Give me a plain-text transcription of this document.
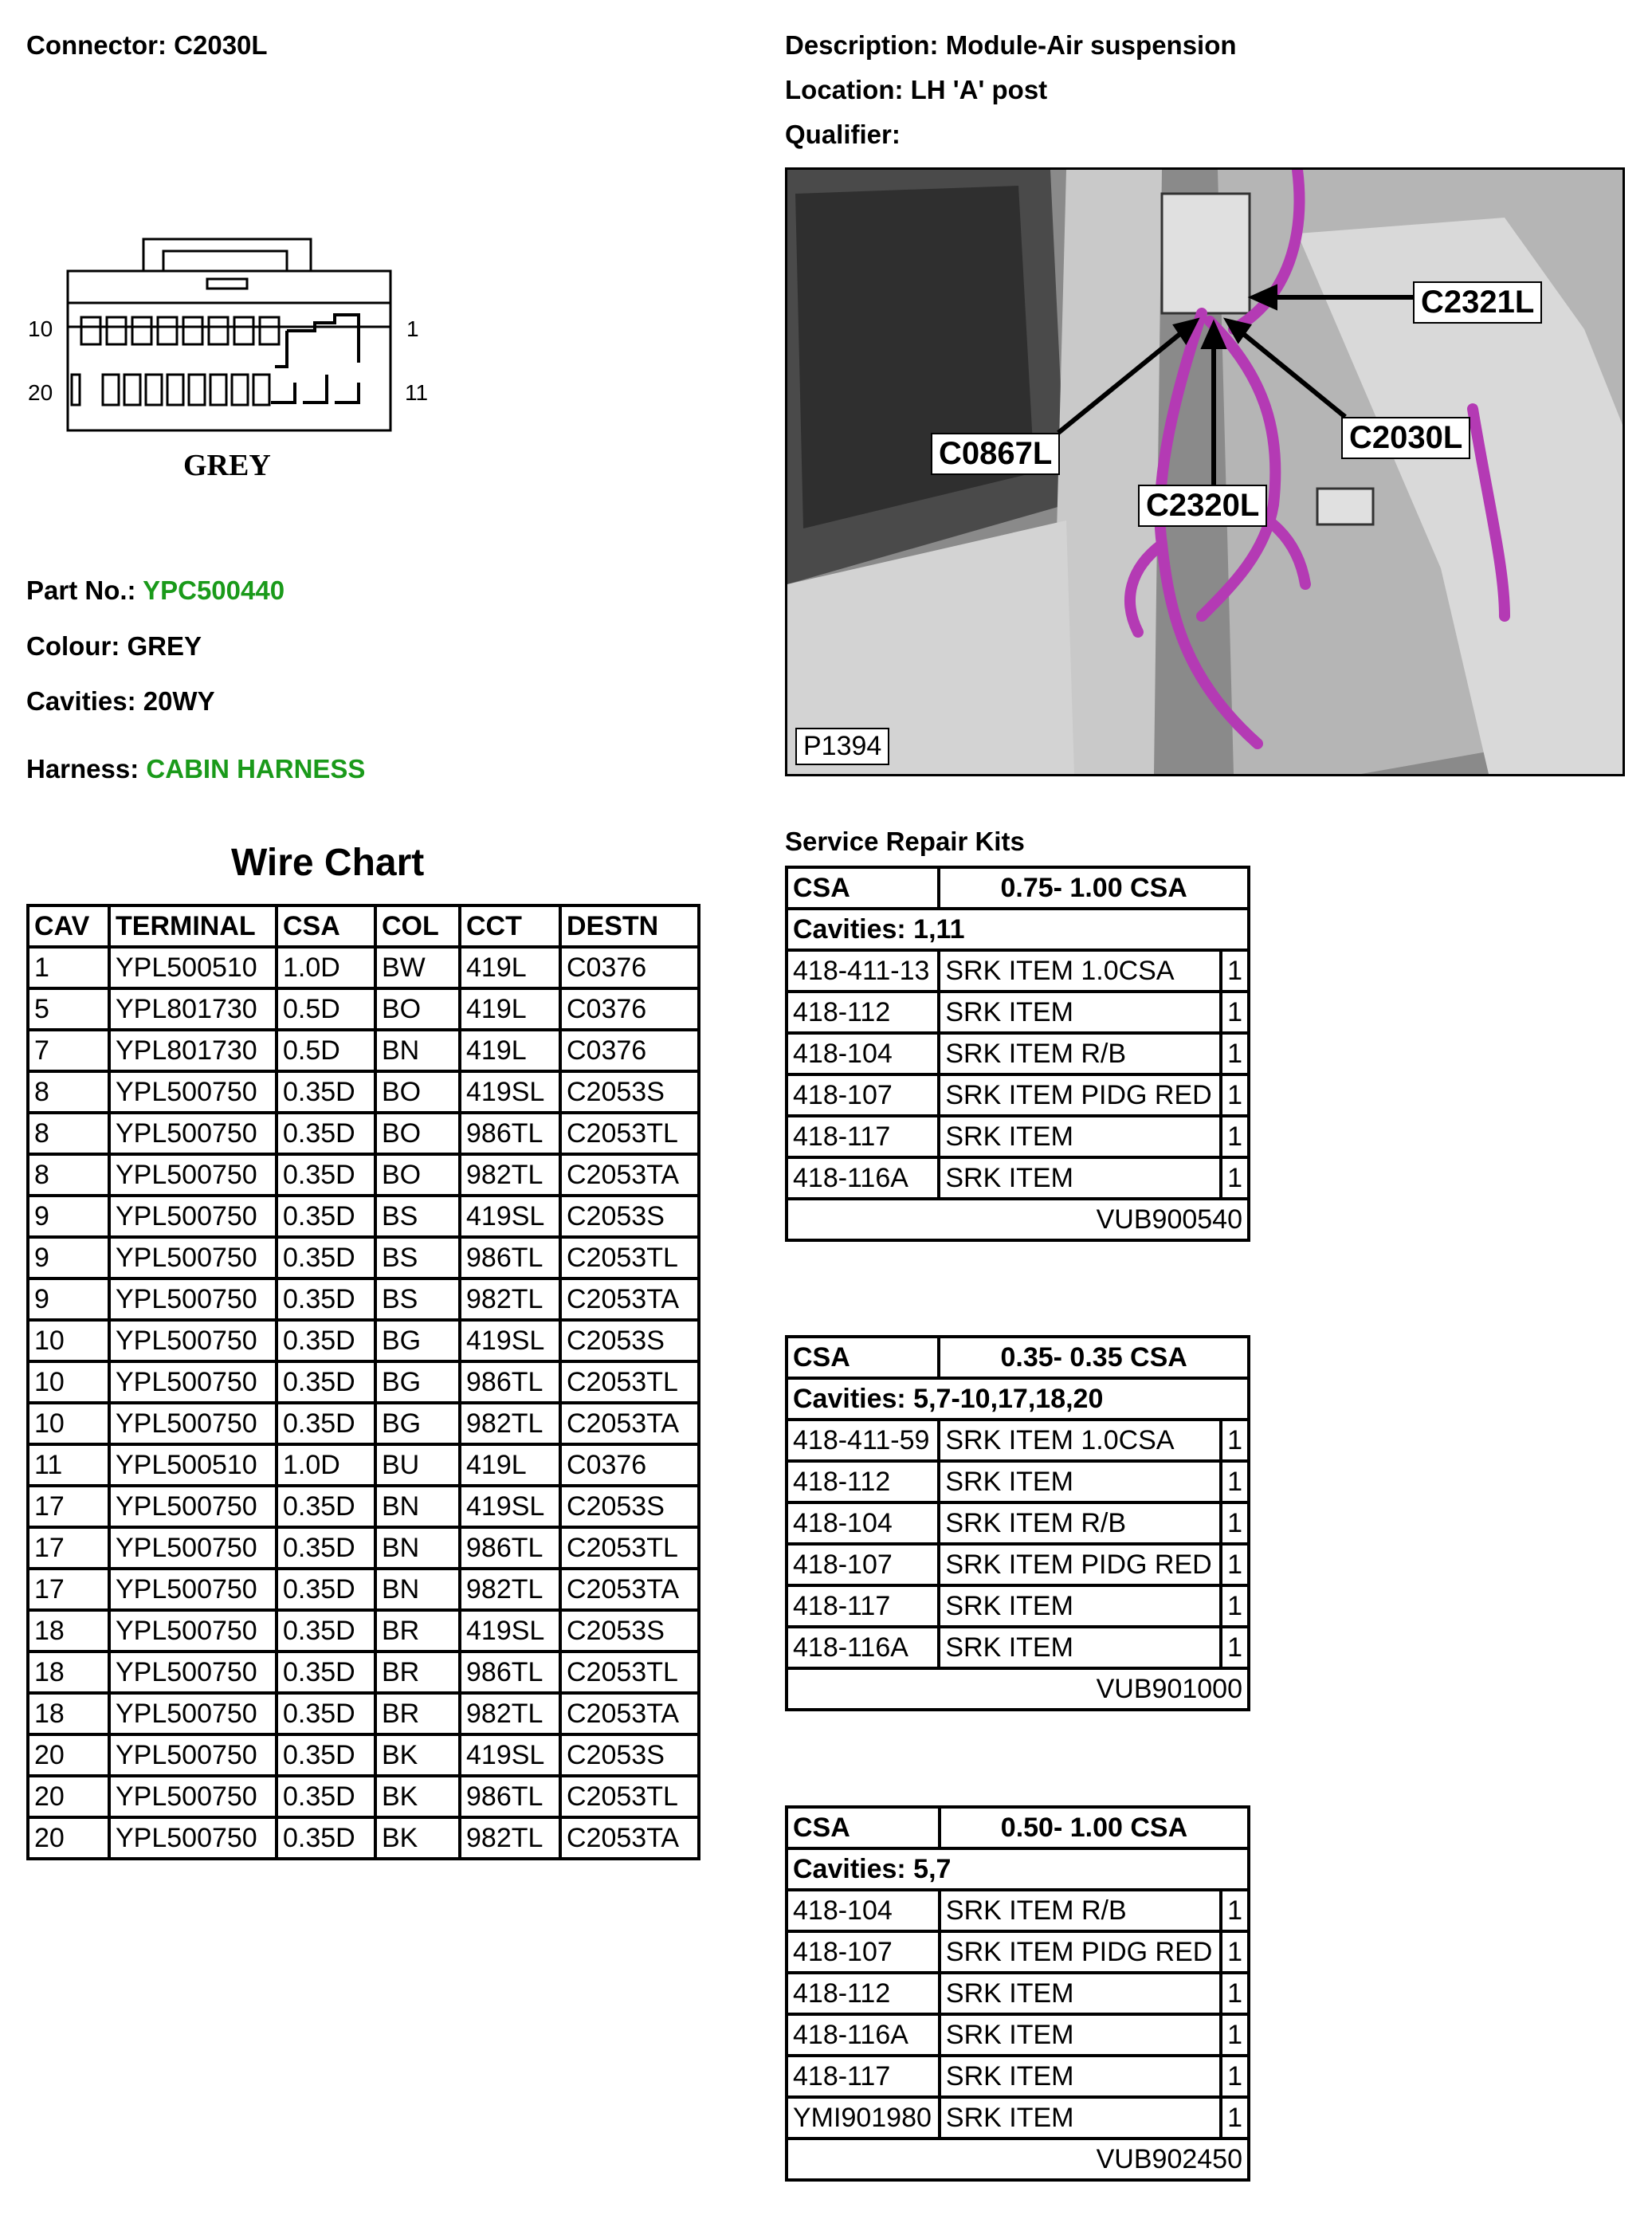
Connector: C2030L	Description: Module-Air suspension
Location: LH 'A' post
Qualifier:
10	1
20	11
GREY
Part No.: YPC500440
Colour: GREY
Cavities: 20WY
Harness: CABIN HARNESS
C2321L
C0867L	C2030L
C2320L
P1394
Wire Chart
CAV	TERMINAL	CSA	COL	CCT	DESTN
1	YPL500510	1.0D	BW	419L	C0376
5	YPL801730	0.5D	BO	419L	C0376
7	YPL801730	0.5D	BN	419L	C0376
8	YPL500750	0.35D	BO	419SL	C2053S
8	YPL500750	0.35D	BO	986TL	C2053TL
8	YPL500750	0.35D	BO	982TL	C2053TA
9	YPL500750	0.35D	BS	419SL	C2053S
9	YPL500750	0.35D	BS	986TL	C2053TL
9	YPL500750	0.35D	BS	982TL	C2053TA
10	YPL500750	0.35D	BG	419SL	C2053S
10	YPL500750	0.35D	BG	986TL	C2053TL
10	YPL500750	0.35D	BG	982TL	C2053TA
11	YPL500510	1.0D	BU	419L	C0376
17	YPL500750	0.35D	BN	419SL	C2053S
17	YPL500750	0.35D	BN	986TL	C2053TL
17	YPL500750	0.35D	BN	982TL	C2053TA
18	YPL500750	0.35D	BR	419SL	C2053S
18	YPL500750	0.35D	BR	986TL	C2053TL
18	YPL500750	0.35D	BR	982TL	C2053TA
20	YPL500750	0.35D	BK	419SL	C2053S
20	YPL500750	0.35D	BK	986TL	C2053TL
20	YPL500750	0.35D	BK	982TL	C2053TA
Service Repair Kits
CSA	0.75- 1.00 CSA	
Cavities: 1,11		
418-411-13	SRK ITEM 1.0CSA	1
418-112	SRK ITEM	1
418-104	SRK ITEM R/B	1
418-107	SRK ITEM PIDG RED	1
418-117	SRK ITEM	1
418-116A	SRK ITEM	1
VUB900540		
CSA	0.35- 0.35 CSA	
Cavities: 5,7-10,17,18,20		
418-411-59	SRK ITEM 1.0CSA	1
418-112	SRK ITEM	1
418-104	SRK ITEM R/B	1
418-107	SRK ITEM PIDG RED	1
418-117	SRK ITEM	1
418-116A	SRK ITEM	1
VUB901000		
CSA	0.50- 1.00 CSA	
Cavities: 5,7		
418-104	SRK ITEM R/B	1
418-107	SRK ITEM PIDG RED	1
418-112	SRK ITEM	1
418-116A	SRK ITEM	1
418-117	SRK ITEM	1
YMI901980	SRK ITEM	1
VUB902450		
